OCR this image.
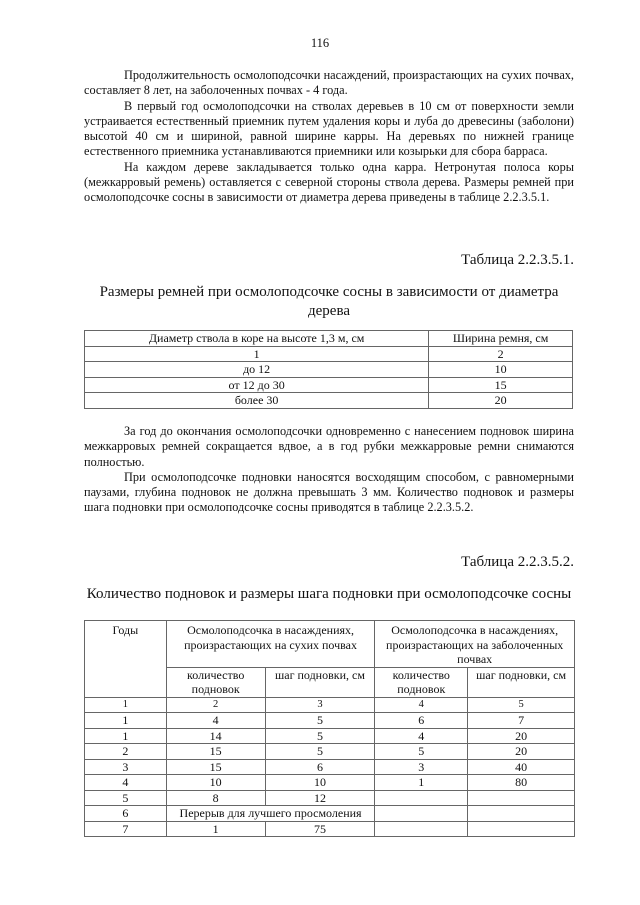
116

Продолжительность осмолоподсочки насаждений, произрастающих на сухих почвах, составляет 8 лет, на заболоченных почвах - 4 года.

В первый год осмолоподсочки на стволах деревьев в 10 см от поверхности земли устраивается естественный приемник путем удаления коры и луба до древесины (заболони) высотой 40 см и шириной, равной ширине карры. На деревьях по нижней границе естественного приемника устанавливаются приемники или козырьки для сбора барраса.

На каждом дереве закладывается только одна карра. Нетронутая полоса коры (межкарровый ремень) оставляется с северной стороны ствола дерева. Размеры ремней при осмолоподсочке сосны в зависимости от диаметра дерева приведены в таблице 2.2.3.5.1.

Таблица 2.2.3.5.1.
Размеры ремней при осмолоподсочке сосны в зависимости от диаметра дерева
Диаметр ствола в коре на высоте 1,3 м, см	Ширина ремня, см
1	2
до 12	10
от 12 до 30	15
более 30	20

За год до окончания осмолоподсочки одновременно с нанесением подновок ширина межкарровых ремней сокращается вдвое, а в год рубки межкарровые ремни снимаются полностью.

При осмолоподсочке подновки наносятся восходящим способом, с равномерными паузами, глубина подновок не должна превышать 3 мм. Количество подновок и размеры шага подновки при осмолоподсочке сосны приводятся в таблице 2.2.3.5.2.

Таблица 2.2.3.5.2.
Количество подновок и размеры шага подновки при осмолоподсочке сосны
Годы	Осмолоподсочка в насаждениях, произрастающих на сухих почвах		Осмолоподсочка в насаждениях, произрастающих на заболоченных почвах	
	количество подновок	шаг подновки, см	количество подновок	шаг подновки, см
1	2	3	4	5
1	4	5	6	7
1	14	5	4	20
2	15	5	5	20
3	15	6	3	40
4	10	10	1	80
5	8	12		
6	Перерыв для лучшего просмоления			
7	1	75		
